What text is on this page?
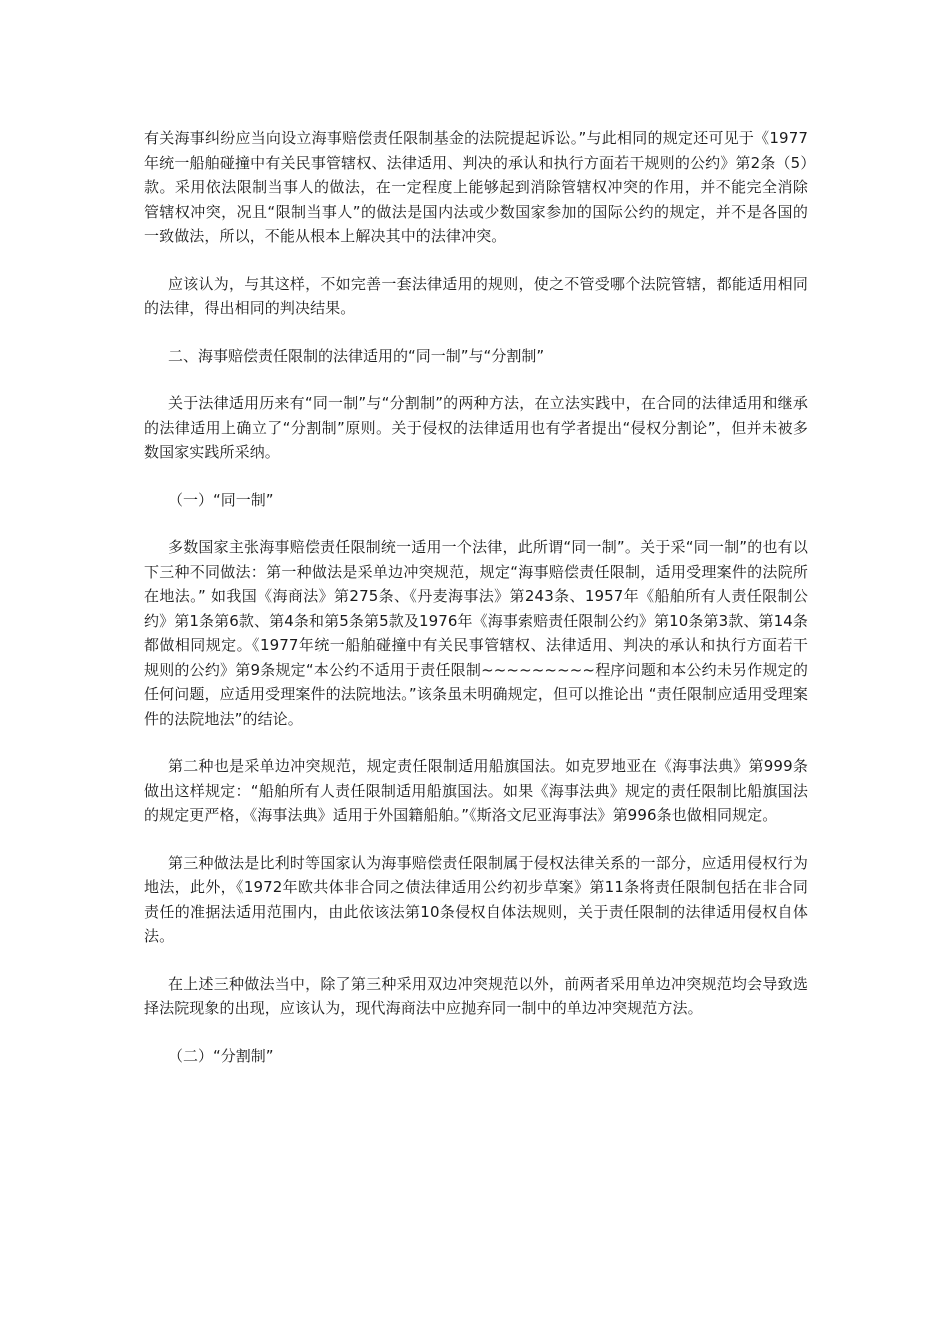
有关海事纠纷应当向设立海事赔偿责任限制基金的法院提起诉讼。”与此相同的规定还可见于《1977年统一船舶碰撞中有关民事管辖权、法律适用、判决的承认和执行方面若干规则的公约》第2条（5）款。采用依法限制当事人的做法，在一定程度上能够起到消除管辖权冲突的作用，并不能完全消除管辖权冲突，况且“限制当事人”的做法是国内法或少数国家参加的国际公约的规定，并不是各国的一致做法，所以，不能从根本上解决其中的法律冲突。

应该认为，与其这样，不如完善一套法律适用的规则，使之不管受哪个法院管辖，都能适用相同的法律，得出相同的判决结果。

二、海事赔偿责任限制的法律适用的“同一制”与“分割制”

关于法律适用历来有“同一制”与“分割制”的两种方法，在立法实践中，在合同的法律适用和继承的法律适用上确立了“分割制”原则。关于侵权的法律适用也有学者提出“侵权分割论”，但并未被多数国家实践所采纳。

（一）“同一制”

多数国家主张海事赔偿责任限制统一适用一个法律，此所谓“同一制”。关于采“同一制”的也有以下三种不同做法：第一种做法是采单边冲突规范，规定“海事赔偿责任限制，适用受理案件的法院所在地法。” 如我国《海商法》第275条、《丹麦海事法》第243条、1957年《船舶所有人责任限制公约》第1条第6款、第4条和第5条第5款及1976年《海事索赔责任限制公约》第10条第3款、第14条都做相同规定。《1977年统一船舶碰撞中有关民事管辖权、法律适用、判决的承认和执行方面若干规则的公约》第9条规定“本公约不适用于责任限制~~~~~~~~~程序问题和本公约未另作规定的任何问题，应适用受理案件的法院地法。”该条虽未明确规定，但可以推论出 “责任限制应适用受理案件的法院地法”的结论。

第二种也是采单边冲突规范，规定责任限制适用船旗国法。如克罗地亚在《海事法典》第999条做出这样规定：“船舶所有人责任限制适用船旗国法。如果《海事法典》规定的责任限制比船旗国法的规定更严格，《海事法典》适用于外国籍船舶。”《斯洛文尼亚海事法》第996条也做相同规定。

第三种做法是比利时等国家认为海事赔偿责任限制属于侵权法律关系的一部分，应适用侵权行为地法，此外，《1972年欧共体非合同之债法律适用公约初步草案》第11条将责任限制包括在非合同责任的准据法适用范围内，由此依该法第10条侵权自体法规则，关于责任限制的法律适用侵权自体法。

在上述三种做法当中，除了第三种采用双边冲突规范以外，前两者采用单边冲突规范均会导致选择法院现象的出现，应该认为，现代海商法中应抛弃同一制中的单边冲突规范方法。

（二）“分割制”
